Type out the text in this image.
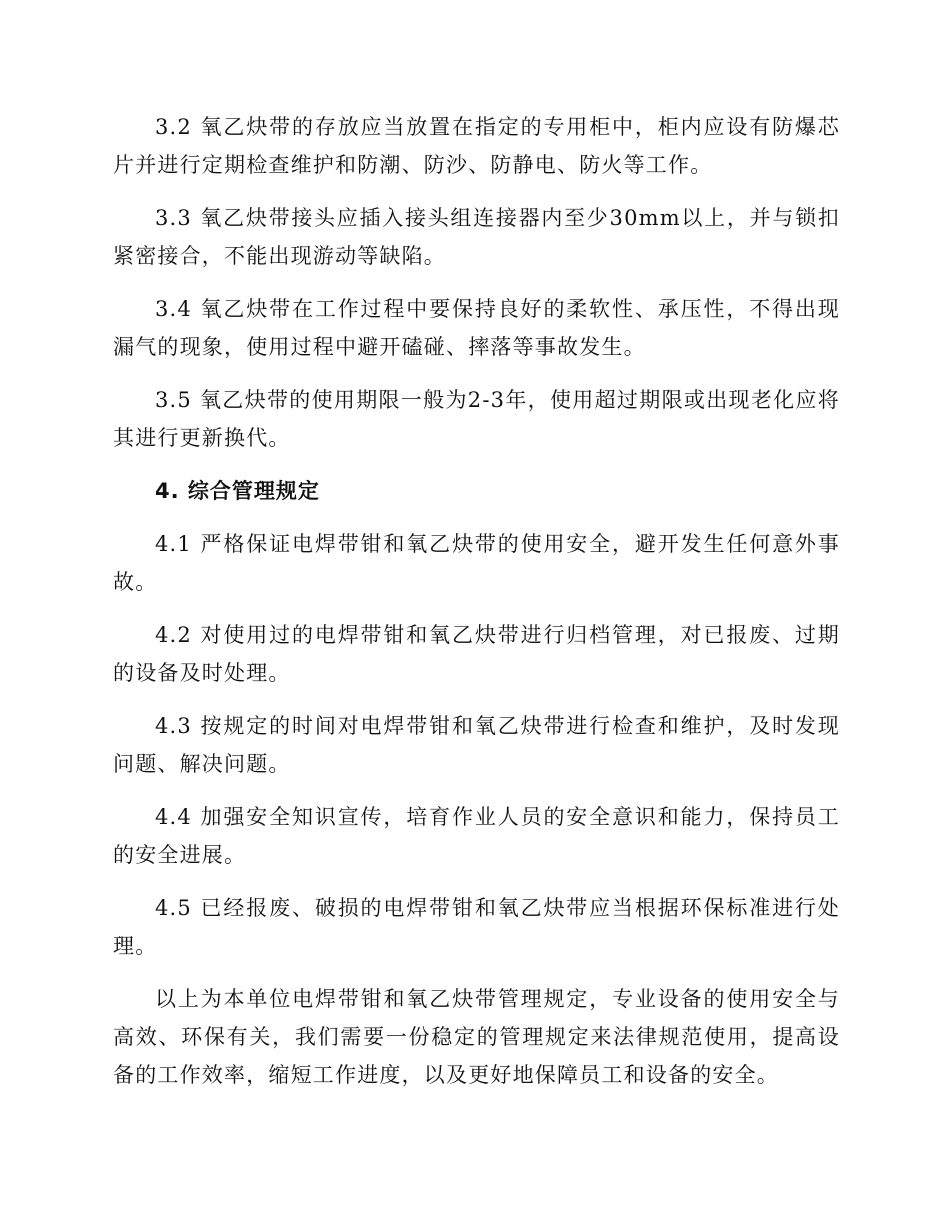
3.2 氧乙炔带的存放应当放置在指定的专用柜中，柜内应设有防爆芯片并进行定期检查维护和防潮、防沙、防静电、防火等工作。

3.3 氧乙炔带接头应插入接头组连接器内至少30mm以上，并与锁扣紧密接合，不能出现游动等缺陷。

3.4 氧乙炔带在工作过程中要保持良好的柔软性、承压性，不得出现漏气的现象，使用过程中避开磕碰、摔落等事故发生。

3.5 氧乙炔带的使用期限一般为2-3年，使用超过期限或出现老化应将其进行更新换代。

4. 综合管理规定

4.1 严格保证电焊带钳和氧乙炔带的使用安全，避开发生任何意外事故。

4.2 对使用过的电焊带钳和氧乙炔带进行归档管理，对已报废、过期的设备及时处理。

4.3 按规定的时间对电焊带钳和氧乙炔带进行检查和维护，及时发现问题、解决问题。

4.4 加强安全知识宣传，培育作业人员的安全意识和能力，保持员工的安全进展。

4.5 已经报废、破损的电焊带钳和氧乙炔带应当根据环保标准进行处理。

以上为本单位电焊带钳和氧乙炔带管理规定，专业设备的使用安全与高效、环保有关，我们需要一份稳定的管理规定来法律规范使用，提高设备的工作效率，缩短工作进度，以及更好地保障员工和设备的安全。
